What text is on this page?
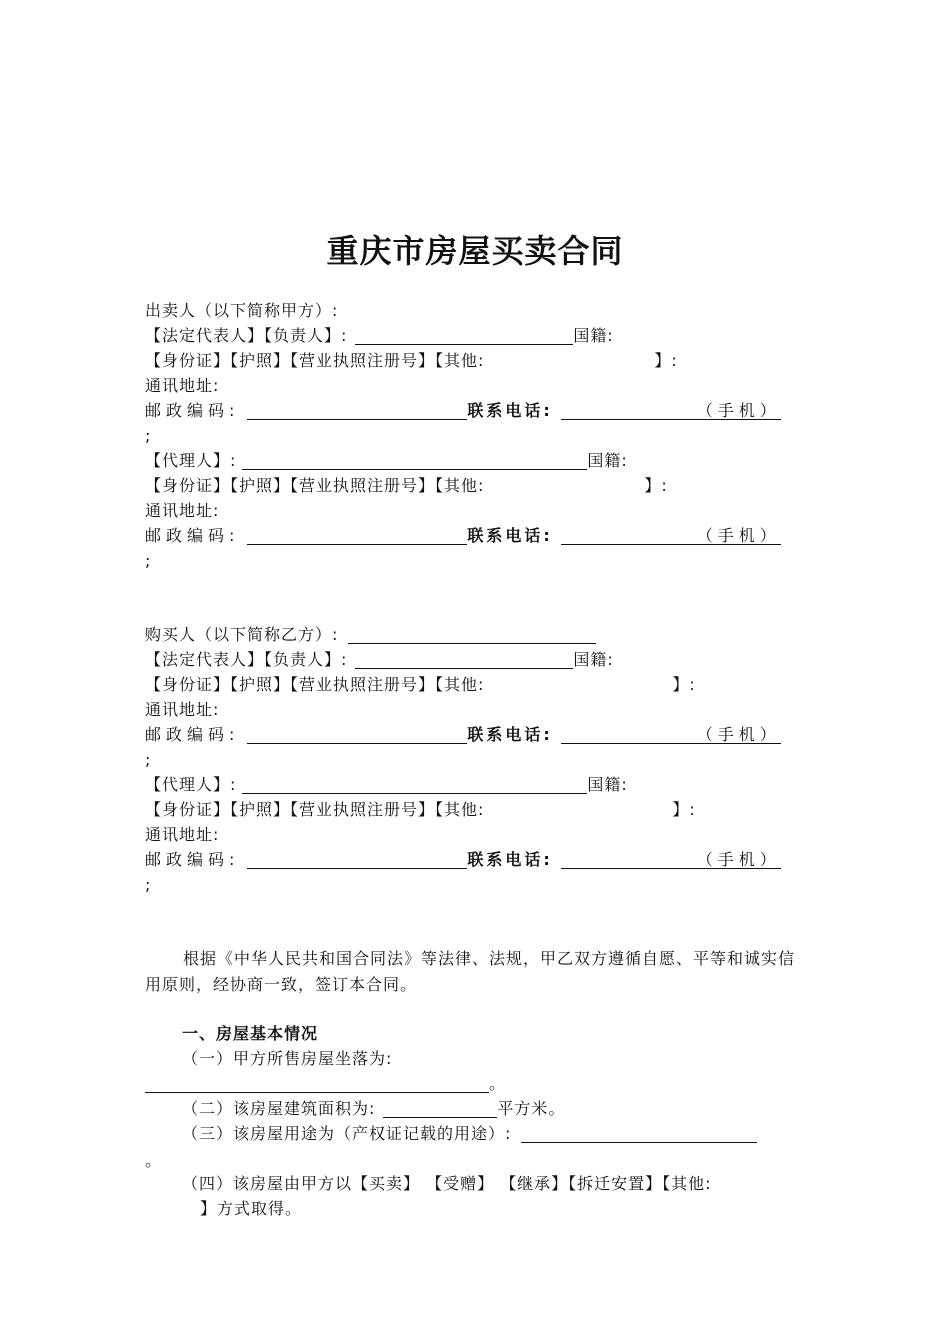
重庆市房屋买卖合同
出卖人（以下简称甲方）:
【法定代表人】【负责人】:	国籍:
【身份证】【护照】【营业执照注册号】【其他:	】:
通讯地址:
邮政编码:	联系电话:	（手机）
;
【代理人】:	国籍:
【身份证】【护照】【营业执照注册号】【其他:	】:
通讯地址:
邮政编码:	联系电话:	（手机）
;
购买人（以下简称乙方）:
【法定代表人】【负责人】:	国籍:
【身份证】【护照】【营业执照注册号】【其他:	】:
通讯地址:
邮政编码:	联系电话:	（手机）
;
【代理人】:	国籍:
【身份证】【护照】【营业执照注册号】【其他:	】:
通讯地址:
邮政编码:	联系电话:	（手机）
;
根据《中华人民共和国合同法》等法律、法规，甲乙双方遵循自愿、平等和诚实信用原则，经协商一致，签订本合同。
一、房屋基本情况
（一）甲方所售房屋坐落为:
。
（二）该房屋建筑面积为:	平方米。
（三）该房屋用途为（产权证记载的用途）:
。
（四）该房屋由甲方以【买卖】 【受赠】 【继承】【拆迁安置】【其他:
】方式取得。
